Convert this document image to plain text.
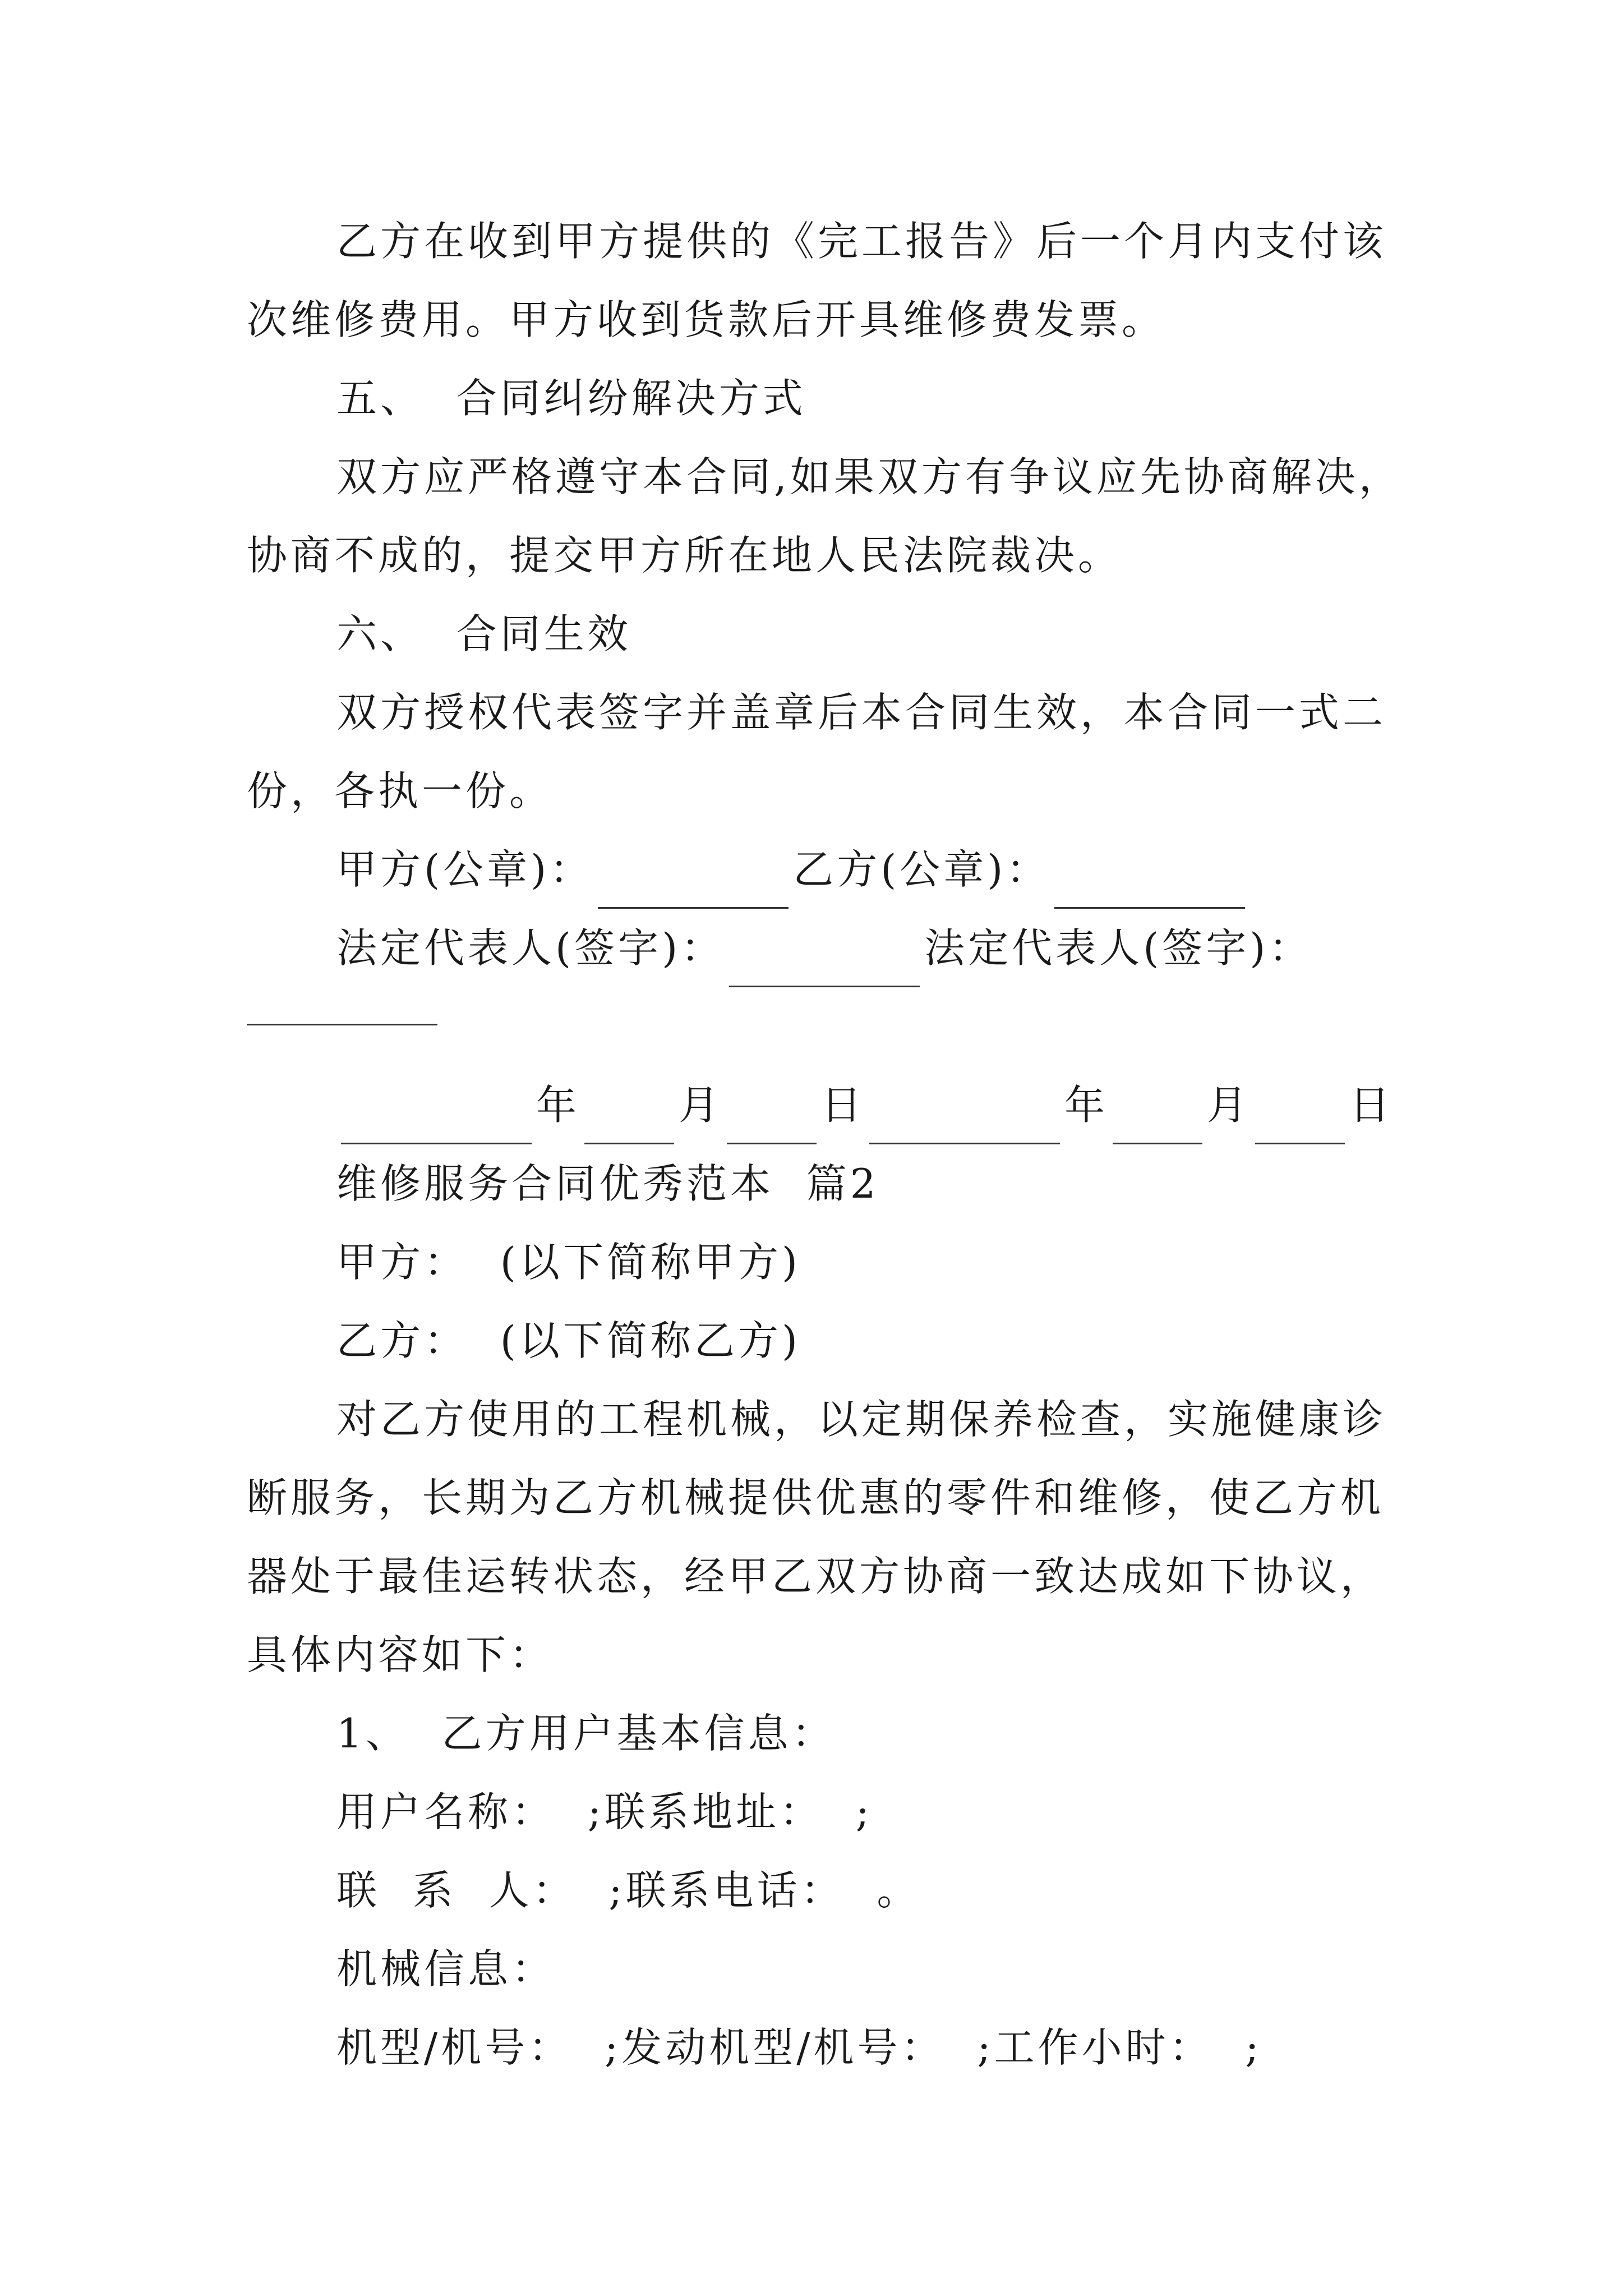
乙方在收到甲方提供的《完工报告》后一个月内支付该
次维修费用。甲方收到货款后开具维修费发票。
五、  合同纠纷解决方式
双方应严格遵守本合同,如果双方有争议应先协商解决，
协商不成的，提交甲方所在地人民法院裁决。
六、  合同生效
双方授权代表签字并盖章后本合同生效，本合同一式二
份，各执一份。
甲方(公章)：	乙方(公章)：
法定代表人(签字)：	法定代表人(签字)：
年 月 日	年 月 日
维修服务合同优秀范本  篇2
甲方：  (以下简称甲方)
乙方：  (以下简称乙方)
对乙方使用的工程机械，以定期保养检查，实施健康诊
断服务，长期为乙方机械提供优惠的零件和维修，使乙方机
器处于最佳运转状态，经甲乙双方协商一致达成如下协议，
具体内容如下：
1、  乙方用户基本信息：
用户名称：  ;联系地址：  ;
联  系  人：  ;联系电话：  。
机械信息：
机型/机号：  ;发动机型/机号：  ;工作小时：  ;
